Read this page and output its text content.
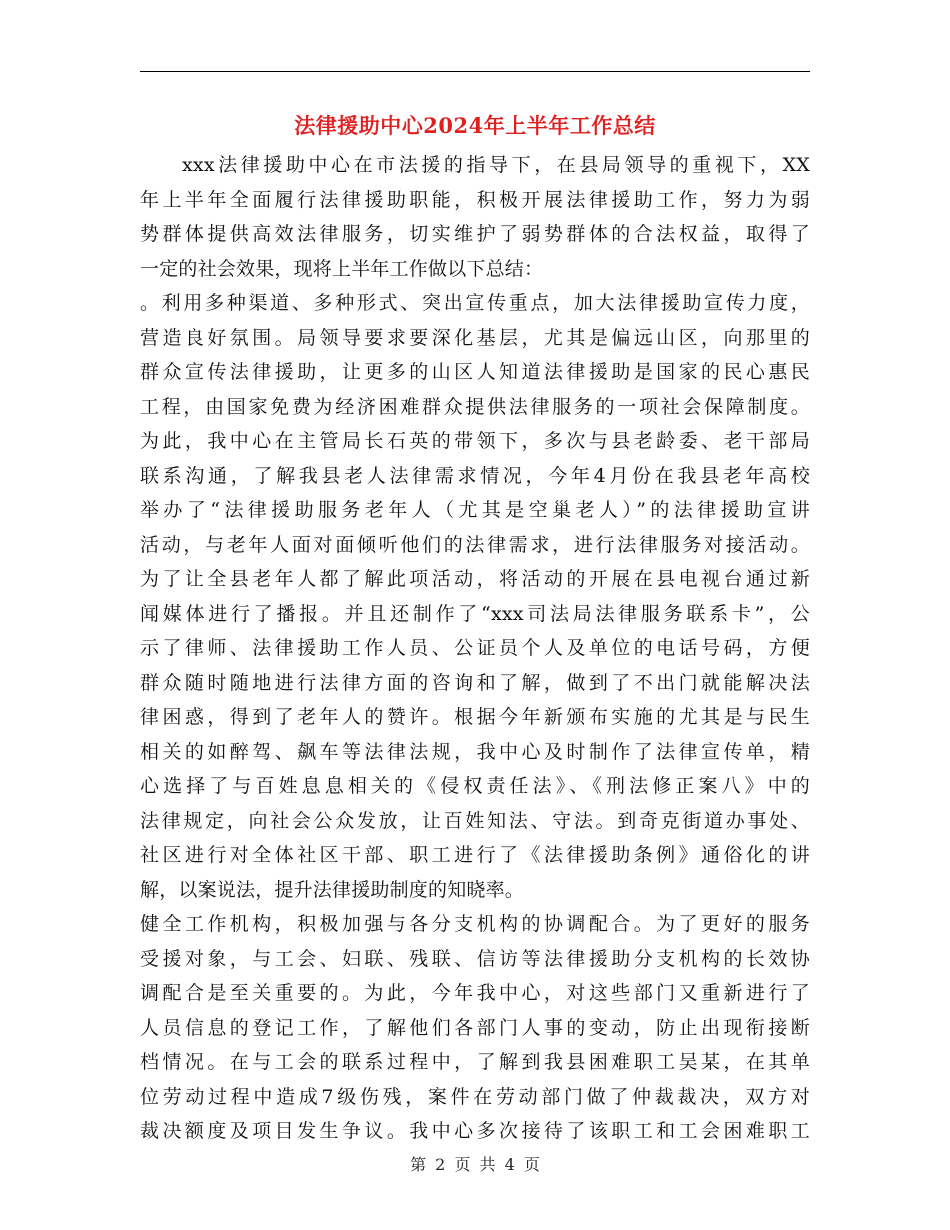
法律援助中心2024年上半年工作总结
xxx法律援助中心在市法援的指导下，在县局领导的重视下，XX
年上半年全面履行法律援助职能，积极开展法律援助工作，努力为弱
势群体提供高效法律服务，切实维护了弱势群体的合法权益，取得了
一定的社会效果，现将上半年工作做以下总结：
。利用多种渠道、多种形式、突出宣传重点，加大法律援助宣传力度，
营造良好氛围。局领导要求要深化基层，尤其是偏远山区，向那里的
群众宣传法律援助，让更多的山区人知道法律援助是国家的民心惠民
工程，由国家免费为经济困难群众提供法律服务的一项社会保障制度。
为此，我中心在主管局长石英的带领下，多次与县老龄委、老干部局
联系沟通，了解我县老人法律需求情况，今年4月份在我县老年高校
举办了“法律援助服务老年人（尤其是空巢老人）”的法律援助宣讲
活动，与老年人面对面倾听他们的法律需求，进行法律服务对接活动。
为了让全县老年人都了解此项活动，将活动的开展在县电视台通过新
闻媒体进行了播报。并且还制作了“xxx司法局法律服务联系卡”，公
示了律师、法律援助工作人员、公证员个人及单位的电话号码，方便
群众随时随地进行法律方面的咨询和了解，做到了不出门就能解决法
律困惑，得到了老年人的赞许。根据今年新颁布实施的尤其是与民生
相关的如醉驾、飙车等法律法规，我中心及时制作了法律宣传单，精
心选择了与百姓息息相关的《侵权责任法》、《刑法修正案八》中的
法律规定，向社会公众发放，让百姓知法、守法。到奇克街道办事处、
社区进行对全体社区干部、职工进行了《法律援助条例》通俗化的讲
解，以案说法，提升法律援助制度的知晓率。
健全工作机构，积极加强与各分支机构的协调配合。为了更好的服务
受援对象，与工会、妇联、残联、信访等法律援助分支机构的长效协
调配合是至关重要的。为此，今年我中心，对这些部门又重新进行了
人员信息的登记工作，了解他们各部门人事的变动，防止出现衔接断
档情况。在与工会的联系过程中，了解到我县困难职工吴某，在其单
位劳动过程中造成7级伤残，案件在劳动部门做了仲裁裁决，双方对
裁决额度及项目发生争议。我中心多次接待了该职工和工会困难职工
第 2 页 共 4 页
